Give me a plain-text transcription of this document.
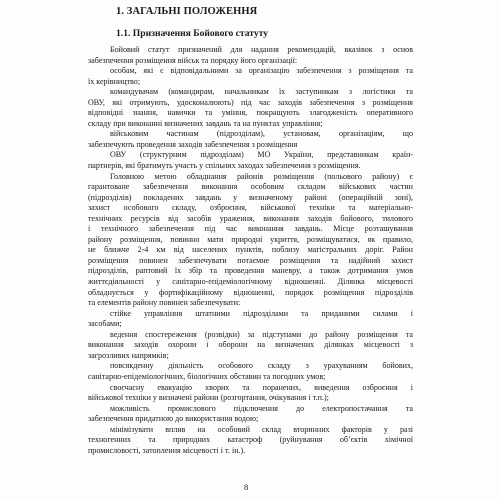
1. ЗАГАЛЬНІ ПОЛОЖЕННЯ
1.1. Призначення Бойового статуту
Бойовий статут призначений для надання рекомендацій, вказівок з основ
забезпечення розміщення військ та порядку його організації:
особам, які є відповідальними за організацію забезпечення з розміщення та
їх керівництво;
командувачам (командирам, начальникам їх заступникам з логістики та
ОВУ, які отримують, удосконалюють) під час заходів забезпечення з розміщення
відповідні знання, навички та уміння, покращують злагодженість оперативного
складу при виконанні визначених завдань та на пунктах управління;
військовим частинам (підрозділам), установам, організаціям, що
забезпечують проведення заходів забезпечення з розміщення
ОВУ (структурним підрозділам) МО України, представникам країн-
партнерів, які братимуть участь у спільних заходах забезпечення з розміщення.
Головною метою обладнання районів розміщення (польового району) є
гарантоване забезпечення виконання особовим складом військових частин
(підрозділів) покладених завдань у визначеному районі (операційній зоні),
захист особового складу, озброєння, військової техніки та матеріально-
технічних ресурсів від засобів ураження, виконання заходів бойового, тилового
і технічного забезпечення під час виконання завдань. Місце розташування
району розміщення, повинно мати природні укриття, розміщуватися, як правило,
не ближче 2-4 км від населених пунктів, поблизу магістральних доріг. Район
розміщення повинен забезпечувати потаємне розміщення та надійний захист
підрозділів, раптовий їх збір та проведення маневру, а також дотримання умов
життєдіяльності у санітарно-епідеміологічному відношенні. Ділянка місцевості
обладнується у фортифікаційному відношенні, порядок розміщення підрозділів
та елементів району повинен забезпечувати:
стійке управління штатними підрозділами та приданими силами і
засобами;
ведення спостереження (розвідки) за підступами до району розміщення та
виконання заходів охорони і оборони на визначених ділянках місцевості з
загрозливих напрямків;
повсякденну діяльність особового складу з урахуванням бойових,
санітарно-епідеміологічних, біологічних обставин та погодних умов;
своєчасну евакуацію хворих та поранених, виведення озброєння і
військової техніки у визначені райони (розгортання, очікування і т.п.);
можливість промислового підключення до електропостачання та
забезпечення придатною до використання водою;
мінімізувати вплив на особовий склад вторинних факторів у разі
техногенних та природних катастроф (руйнування об’єктів хімічної
промисловості, затоплення місцевості і т. ін.).
8
